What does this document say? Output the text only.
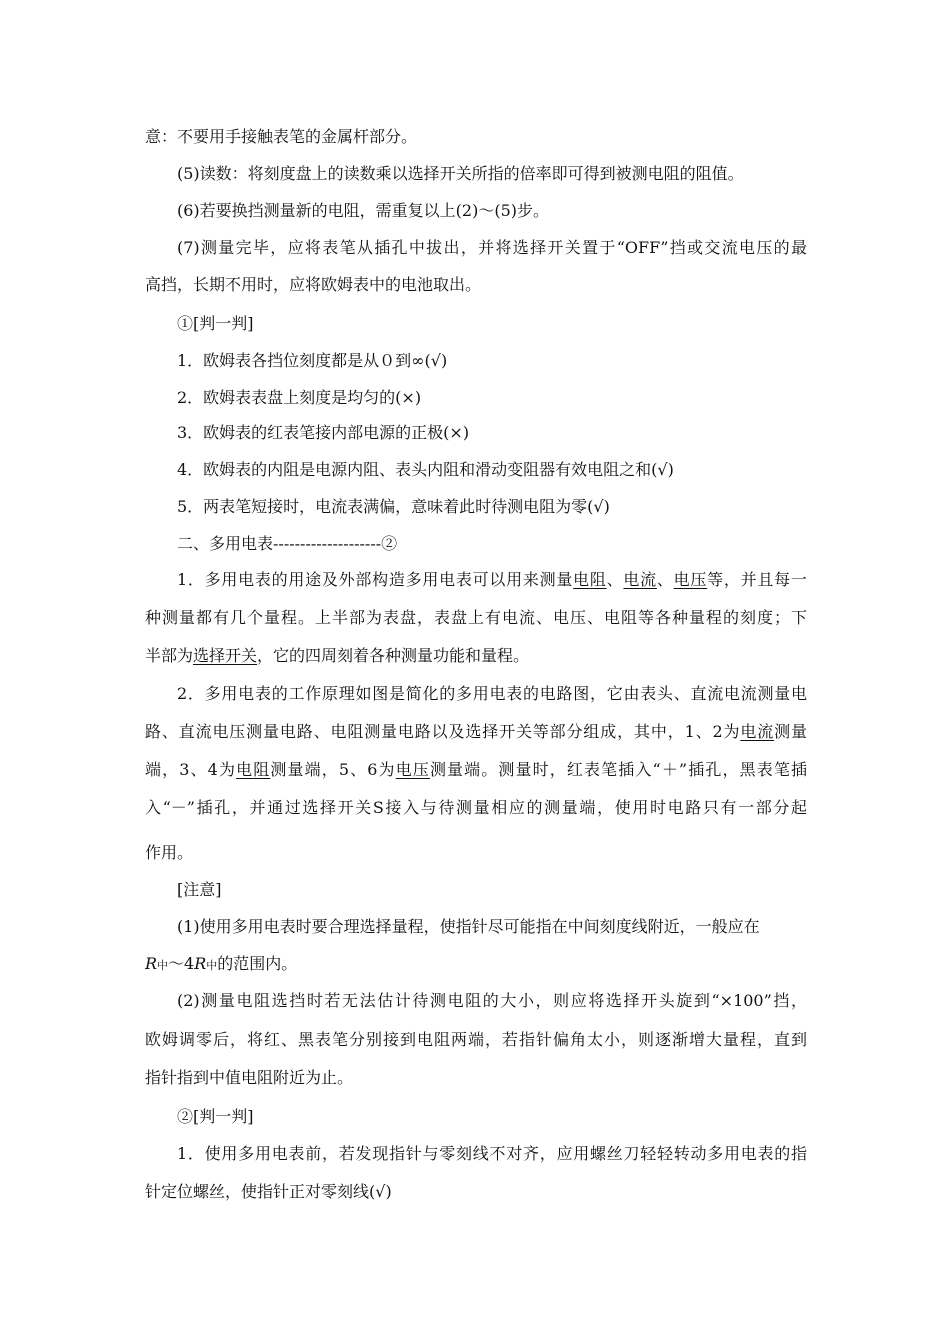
意：不要用手接触表笔的金属杆部分。
(5)读数：将刻度盘上的读数乘以选择开关所指的倍率即可得到被测电阻的阻值。
(6)若要换挡测量新的电阻，需重复以上(2)～(5)步。
(7)测量完毕，应将表笔从插孔中拔出，并将选择开关置于“OFF”挡或交流电压的最
高挡，长期不用时，应将欧姆表中的电池取出。
①[判一判]
1．欧姆表各挡位刻度都是从０到∞(√)
2．欧姆表表盘上刻度是均匀的(×)
3．欧姆表的红表笔接内部电源的正极(×)
4．欧姆表的内阻是电源内阻、表头内阻和滑动变阻器有效电阻之和(√)
5．两表笔短接时，电流表满偏，意味着此时待测电阻为零(√)
二、多用电表--------------------②
1．多用电表的用途及外部构造多用电表可以用来测量电阻、电流、电压等，并且每一
种测量都有几个量程。上半部为表盘，表盘上有电流、电压、电阻等各种量程的刻度；下
半部为选择开关，它的四周刻着各种测量功能和量程。
2．多用电表的工作原理如图是简化的多用电表的电路图，它由表头、直流电流测量电
路、直流电压测量电路、电阻测量电路以及选择开关等部分组成，其中，1、2为电流测量
端，3、4为电阻测量端，5、6为电压测量端。测量时，红表笔插入“＋”插孔，黑表笔插
入“－”插孔，并通过选择开关S接入与待测量相应的测量端，使用时电路只有一部分起
作用。
[注意]
(1)使用多用电表时要合理选择量程，使指针尽可能指在中间刻度线附近，一般应在
R中～4R中的范围内。
(2)测量电阻选挡时若无法估计待测电阻的大小，则应将选择开头旋到“×100”挡，
欧姆调零后，将红、黑表笔分别接到电阻两端，若指针偏角太小，则逐渐增大量程，直到
指针指到中值电阻附近为止。
②[判一判]
1．使用多用电表前，若发现指针与零刻线不对齐，应用螺丝刀轻轻转动多用电表的指
针定位螺丝，使指针正对零刻线(√)
